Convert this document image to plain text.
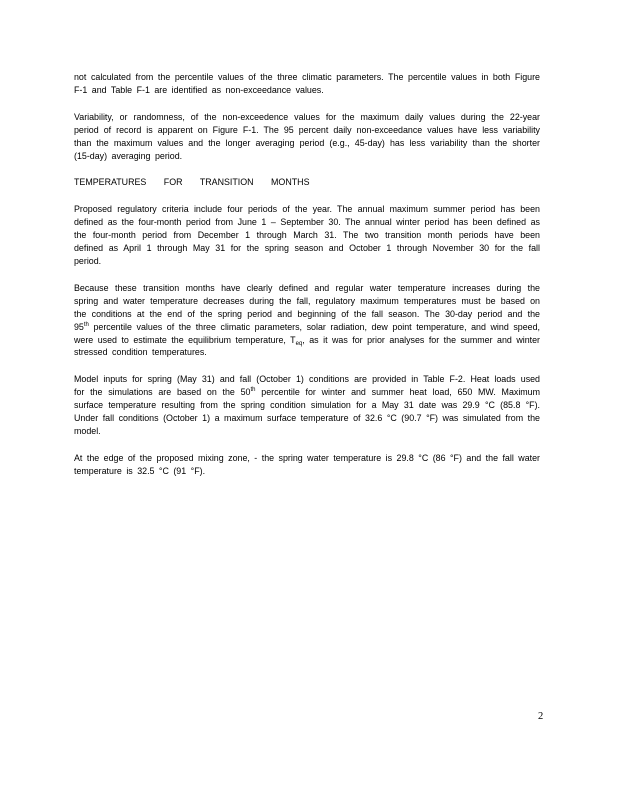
not calculated from the percentile values of the three climatic parameters. The percentile values in both Figure F-1 and Table F-1 are identified as non-exceedance values.

Variability, or randomness, of the non-exceedence values for the maximum daily values during the 22-year period of record is apparent on Figure F-1. The 95 percent daily non-exceedance values have less variability than the maximum values and the longer averaging period (e.g., 45-day) has less variability than the shorter (15-day) averaging period.

TEMPERATURES FOR TRANSITION MONTHS

Proposed regulatory criteria include four periods of the year. The annual maximum summer period has been defined as the four-month period from June 1 – September 30. The annual winter period has been defined as the four-month period from December 1 through March 31. The two transition month periods have been defined as April 1 through May 31 for the spring season and October 1 through November 30 for the fall period.

Because these transition months have clearly defined and regular water temperature increases during the spring and water temperature decreases during the fall, regulatory maximum temperatures must be based on the conditions at the end of the spring period and beginning of the fall season. The 30-day period and the 95th percentile values of the three climatic parameters, solar radiation, dew point temperature, and wind speed, were used to estimate the equilibrium temperature, $T_{eq}$, as it was for prior analyses for the summer and winter stressed condition temperatures.

Model inputs for spring (May 31) and fall (October 1) conditions are provided in Table F-2. Heat loads used for the simulations are based on the 50th percentile for winter and summer heat load, 650 MW. Maximum surface temperature resulting from the spring condition simulation for a May 31 date was 29.9 °C (85.8 °F). Under fall conditions (October 1) a maximum surface temperature of 32.6 °C (90.7 °F) was simulated from the model.

At the edge of the proposed mixing zone, - the spring water temperature is 29.8 °C (86 °F) and the fall water temperature is 32.5 °C (91 °F).

2
